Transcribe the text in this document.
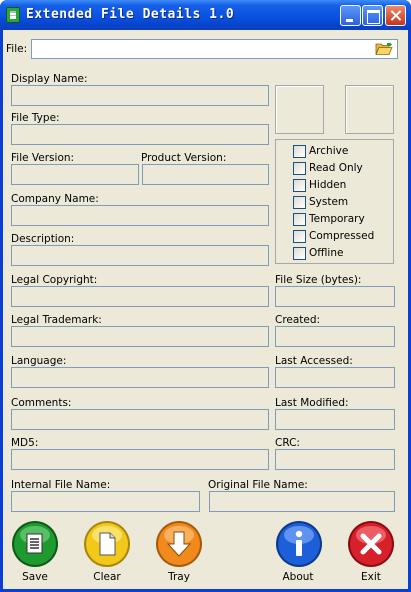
Extended File Details 1.0
File:
Display Name:
File Type:
File Version:	Product Version:
Archive
Read Only
Hidden
System
Temporary
Compressed
Offline
Company Name:
Description:
Legal Copyright:	File Size (bytes):
Legal Trademark:	Created:
Language:	Last Accessed:
Comments:	Last Modified:
MD5:	CRC:
Internal File Name:	Original File Name:
Save	Clear	Tray	About	Exit
